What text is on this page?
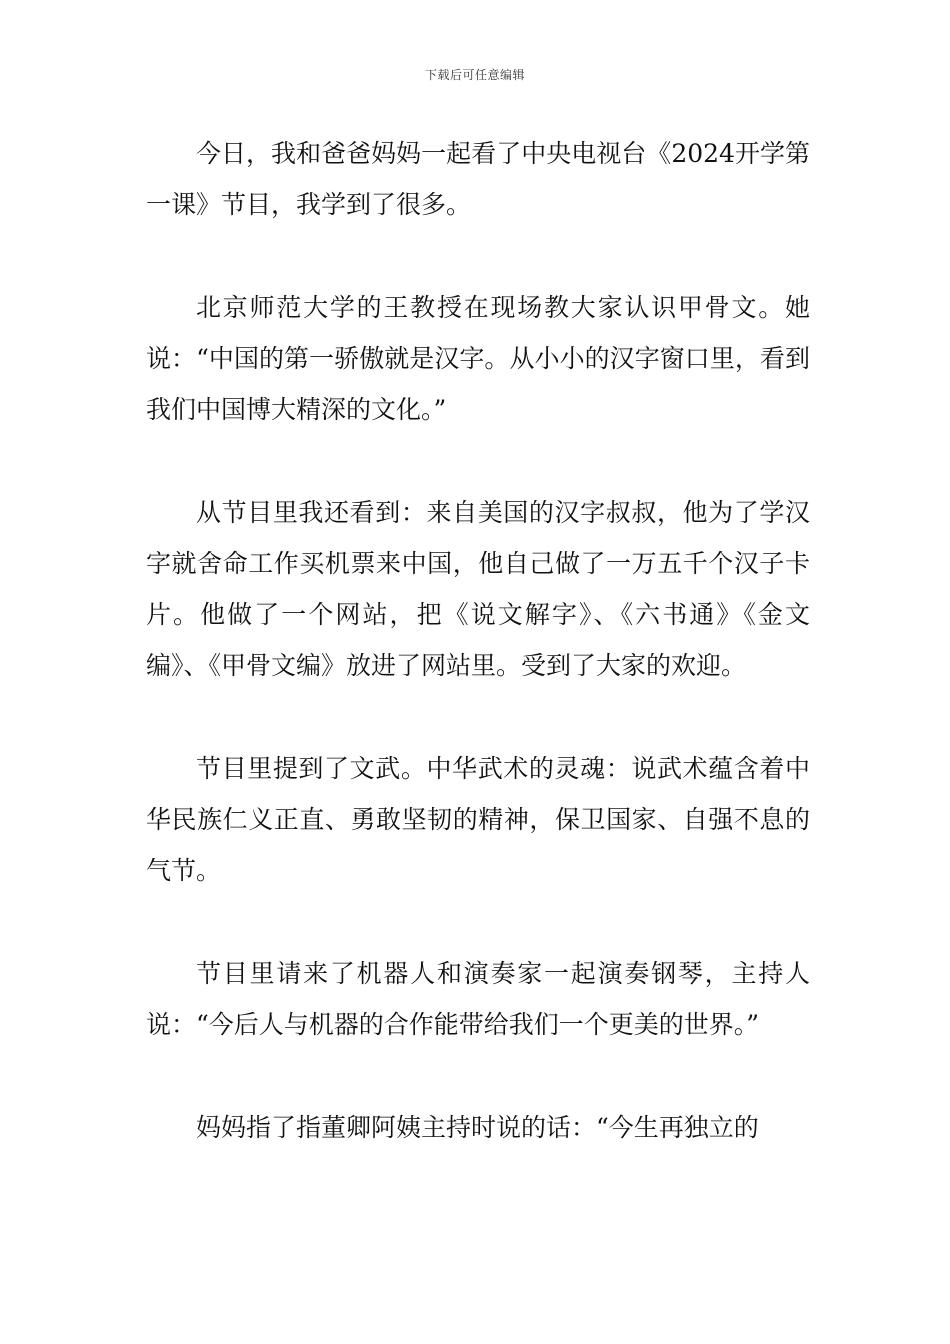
下载后可任意编辑

今日，我和爸爸妈妈一起看了中央电视台《2024开学第一课》节目，我学到了很多。

北京师范大学的王教授在现场教大家认识甲骨文。她说：“中国的第一骄傲就是汉字。从小小的汉字窗口里，看到我们中国博大精深的文化。”

从节目里我还看到：来自美国的汉字叔叔，他为了学汉字就舍命工作买机票来中国，他自己做了一万五千个汉子卡片。他做了一个网站，把《说文解字》、《六书通》《金文编》、《甲骨文编》放进了网站里。受到了大家的欢迎。

节目里提到了文武。中华武术的灵魂：说武术蕴含着中华民族仁义正直、勇敢坚韧的精神，保卫国家、自强不息的气节。

节目里请来了机器人和演奏家一起演奏钢琴，主持人说：“今后人与机器的合作能带给我们一个更美的世界。”

妈妈指了指董卿阿姨主持时说的话：“今生再独立的
